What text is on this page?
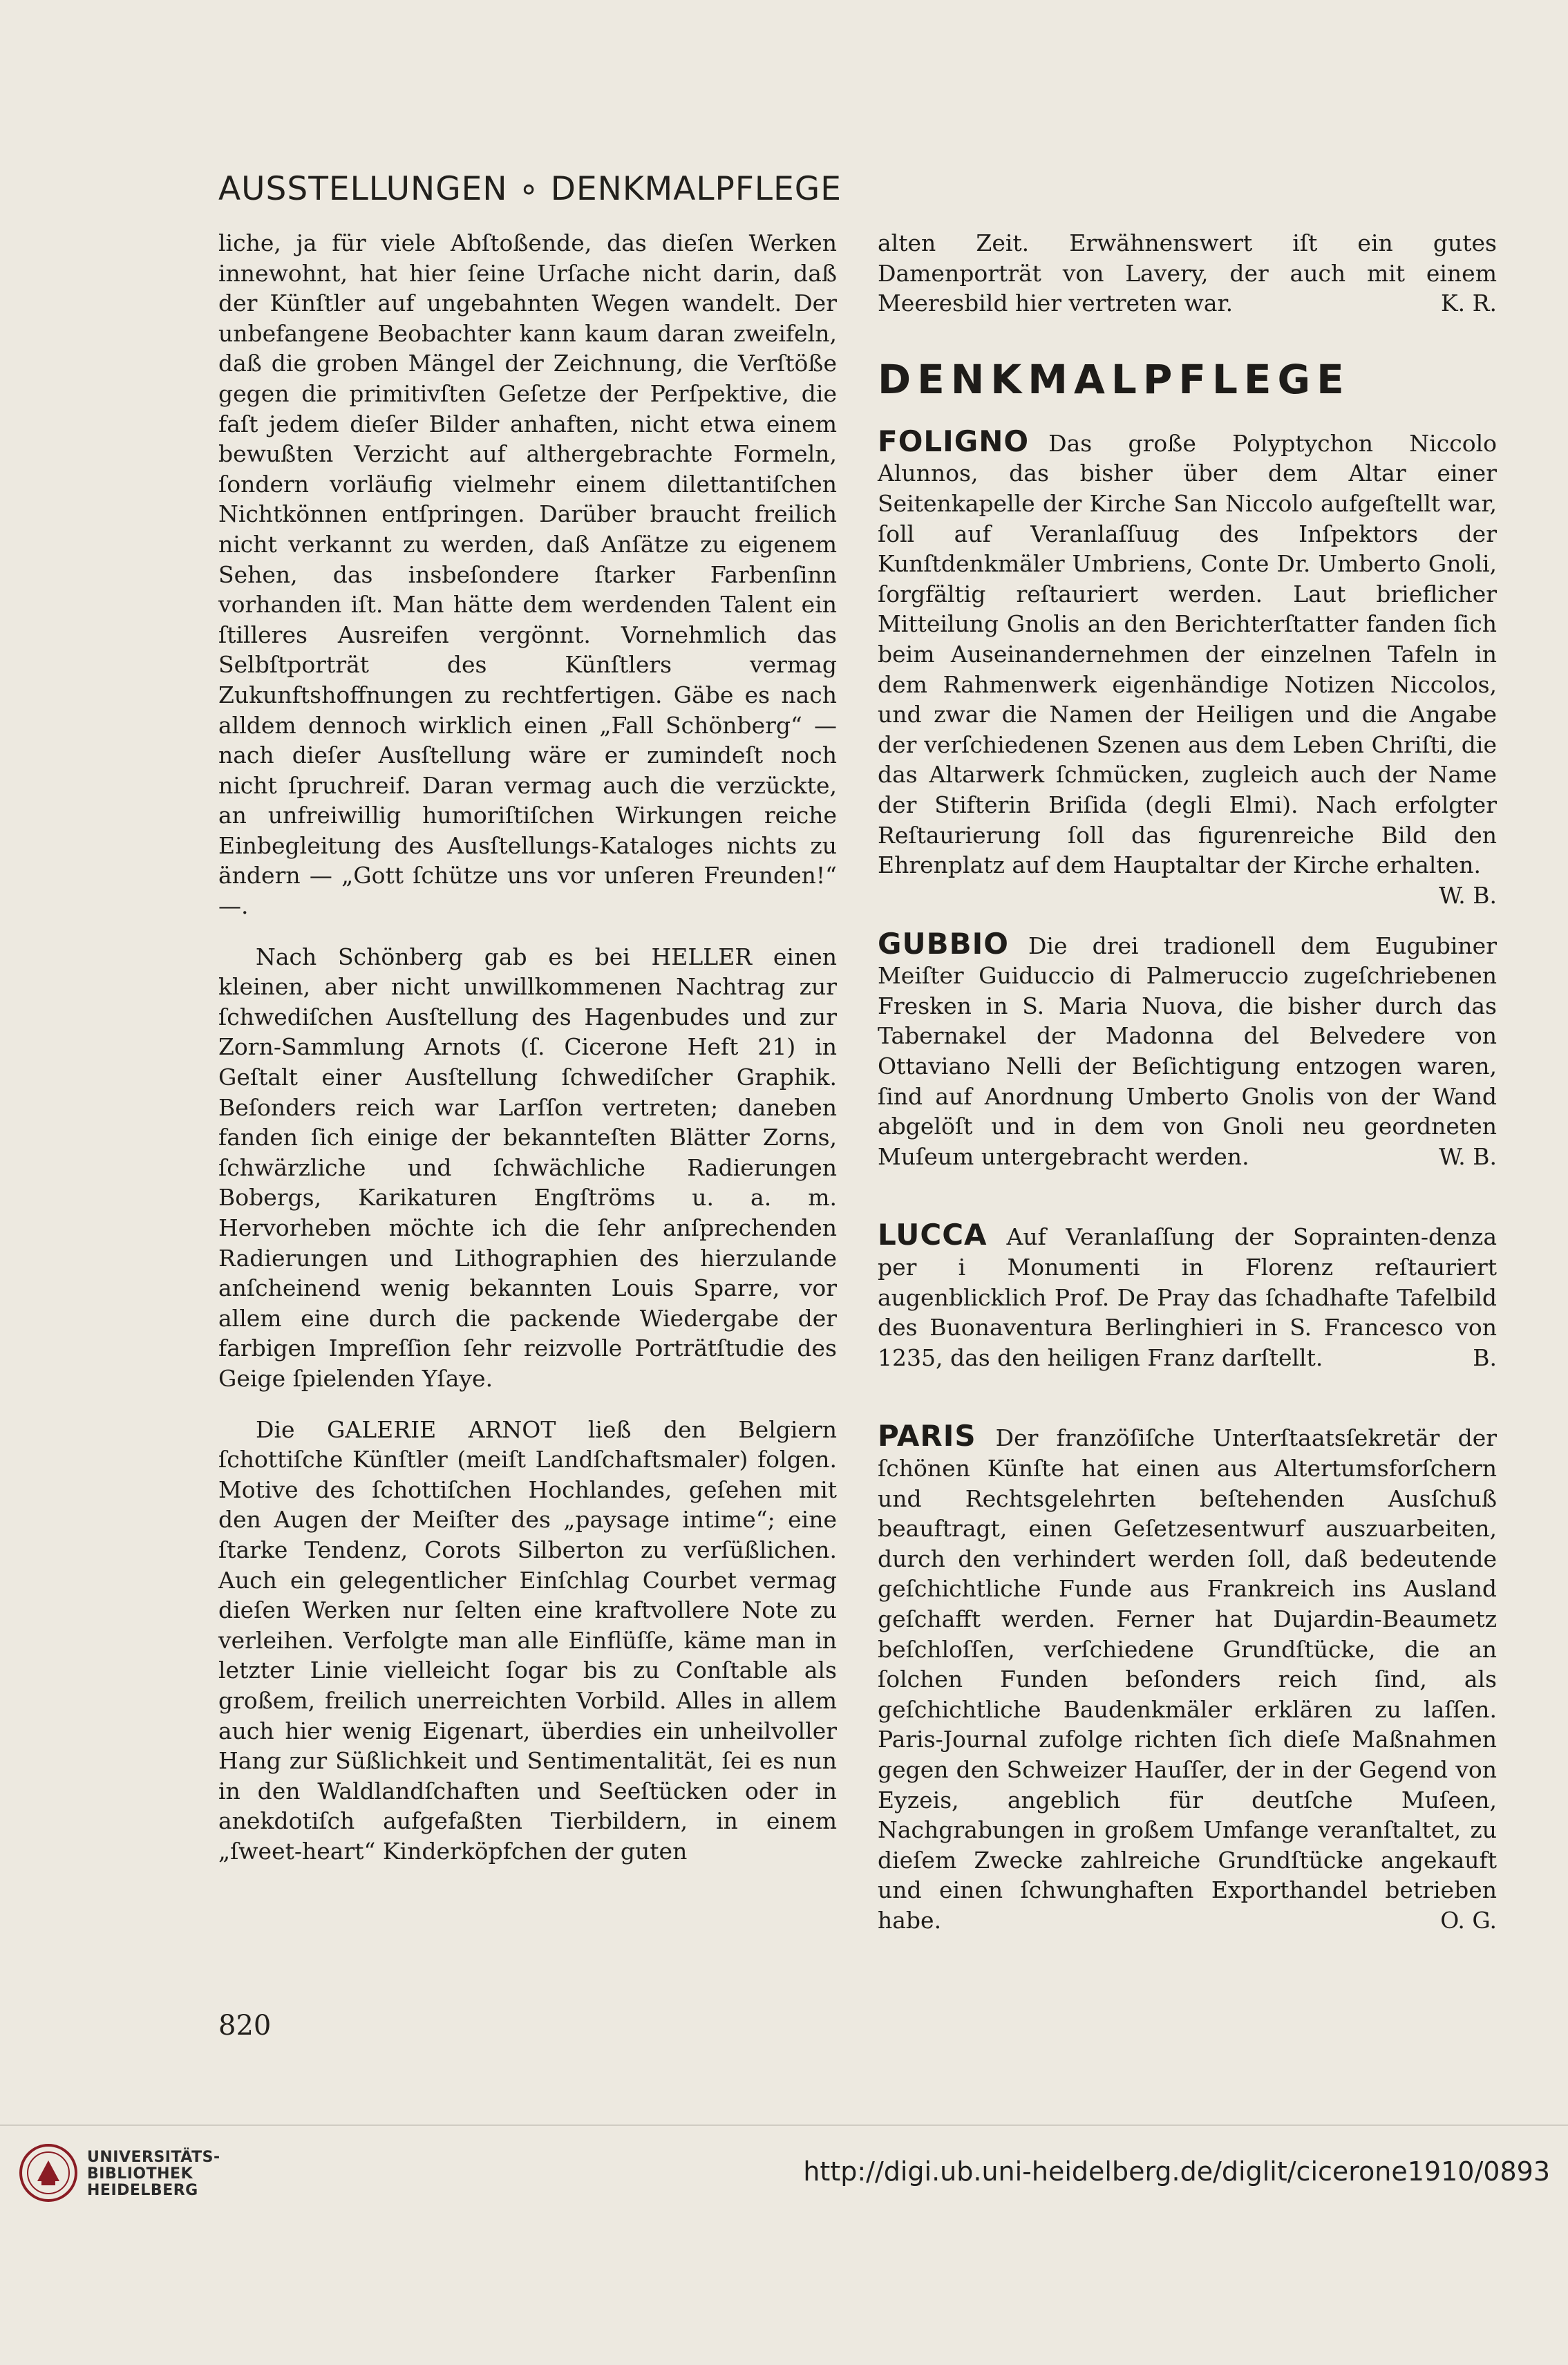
AUSSTELLUNGEN ∘ DENKMALPFLEGE

liche, ja für viele Abſtoßende, das dieſen Werken innewohnt, hat hier ſeine Urſache nicht darin, daß der Künſtler auf ungebahnten Wegen wandelt. Der unbefangene Beobachter kann kaum daran zweifeln, daß die groben Mängel der Zeichnung, die Verſtöße gegen die primitivſten Geſetze der Perſpektive, die faſt jedem dieſer Bilder anhaften, nicht etwa einem bewußten Verzicht auf althergebrachte Formeln, ſondern vorläufig vielmehr einem dilettantiſchen Nichtkönnen entſpringen. Darüber braucht freilich nicht verkannt zu werden, daß Anſätze zu eigenem Sehen, das insbeſondere ſtarker Farbenſinn vorhanden iſt. Man hätte dem werdenden Talent ein ſtilleres Ausreifen vergönnt. Vornehmlich das Selbſtporträt des Künſtlers vermag Zukunftshoffnungen zu rechtfertigen. Gäbe es nach alldem dennoch wirklich einen „Fall Schönberg“ — nach dieſer Ausſtellung wäre er zumindeſt noch nicht ſpruchreif. Daran vermag auch die verzückte, an unfreiwillig humoriſtiſchen Wirkungen reiche Einbegleitung des Ausſtellungs-Kataloges nichts zu ändern — „Gott ſchütze uns vor unſeren Freunden!“ —.

Nach Schönberg gab es bei HELLER einen kleinen, aber nicht unwillkommenen Nachtrag zur ſchwediſchen Ausſtellung des Hagenbudes und zur Zorn-Sammlung Arnots (ſ. Cicerone Heft 21) in Geſtalt einer Ausſtellung ſchwediſcher Graphik. Beſonders reich war Larſſon vertreten; daneben fanden ſich einige der bekannteſten Blätter Zorns, ſchwärzliche und ſchwächliche Radierungen Bobergs, Karikaturen Engſtröms u. a. m. Hervorheben möchte ich die ſehr anſprechenden Radierungen und Lithographien des hierzulande anſcheinend wenig bekannten Louis Sparre, vor allem eine durch die packende Wiedergabe der farbigen Impreſſion ſehr reizvolle Porträtſtudie des Geige ſpielenden Yſaye.

Die GALERIE ARNOT ließ den Belgiern ſchottiſche Künſtler (meiſt Landſchaftsmaler) folgen. Motive des ſchottiſchen Hochlandes, geſehen mit den Augen der Meiſter des „paysage intime“; eine ſtarke Tendenz, Corots Silberton zu verſüßlichen. Auch ein gelegentlicher Einſchlag Courbet vermag dieſen Werken nur ſelten eine kraftvollere Note zu verleihen. Verfolgte man alle Einflüſſe, käme man in letzter Linie vielleicht ſogar bis zu Conſtable als großem, freilich unerreichten Vorbild. Alles in allem auch hier wenig Eigenart, überdies ein unheilvoller Hang zur Süßlichkeit und Sentimentalität, ſei es nun in den Waldlandſchaften und Seeſtücken oder in anekdotiſch aufgefaßten Tierbildern, in einem „ſweet-heart“ Kinderköpfchen der guten

alten Zeit. Erwähnenswert iſt ein gutes Damenporträt von Lavery, der auch mit einem Meeresbild hier vertreten war.	K. R.

DENKMALPFLEGE

FOLIGNO Das große Polyptychon Niccolo Alunnos, das bisher über dem Altar einer Seitenkapelle der Kirche San Niccolo aufgeſtellt war, ſoll auf Veranlaſſuug des Inſpektors der Kunſtdenkmäler Umbriens, Conte Dr. Umberto Gnoli, ſorgfältig reſtauriert werden. Laut brieflicher Mitteilung Gnolis an den Berichterſtatter fanden ſich beim Auseinandernehmen der einzelnen Tafeln in dem Rahmenwerk eigenhändige Notizen Niccolos, und zwar die Namen der Heiligen und die Angabe der verſchiedenen Szenen aus dem Leben Chriſti, die das Altarwerk ſchmücken, zugleich auch der Name der Stifterin Briſida (degli Elmi). Nach erfolgter Reſtaurierung ſoll das figurenreiche Bild den Ehrenplatz auf dem Hauptaltar der Kirche erhalten.
W. B.

GUBBIO Die drei tradionell dem Eugubiner Meiſter Guiduccio di Palmeruccio zugeſchriebenen Fresken in S. Maria Nuova, die bisher durch das Tabernakel der Madonna del Belvedere von Ottaviano Nelli der Beſichtigung entzogen waren, ſind auf Anordnung Umberto Gnolis von der Wand abgelöſt und in dem von Gnoli neu geordneten Muſeum untergebracht werden.	W. B.

LUCCA Auf Veranlaſſung der Soprainten-denza per i Monumenti in Florenz reſtauriert augenblicklich Prof. De Pray das ſchadhafte Tafelbild des Buonaventura Berlinghieri in S. Francesco von 1235, das den heiligen Franz darſtellt.	B.

PARIS Der franzöſiſche Unterſtaatsſekretär der ſchönen Künſte hat einen aus Altertumsforſchern und Rechtsgelehrten beſtehenden Ausſchuß beauftragt, einen Geſetzesentwurf auszuarbeiten, durch den verhindert werden ſoll, daß bedeutende geſchichtliche Funde aus Frankreich ins Ausland geſchafft werden. Ferner hat Dujardin-Beaumetz beſchloſſen, verſchiedene Grundſtücke, die an ſolchen Funden beſonders reich ſind, als geſchichtliche Baudenkmäler erklären zu laſſen. Paris-Journal zufolge richten ſich dieſe Maßnahmen gegen den Schweizer Hauſſer, der in der Gegend von Eyzeis, angeblich für deutſche Muſeen, Nachgrabungen in großem Umfange veranſtaltet, zu dieſem Zwecke zahlreiche Grundſtücke angekauft und einen ſchwunghaften Exporthandel betrieben habe.	O. G.

820
UNIVERSITÄTS-
BIBLIOTHEK
HEIDELBERG
http://digi.ub.uni-heidelberg.de/diglit/cicerone1910/0893
